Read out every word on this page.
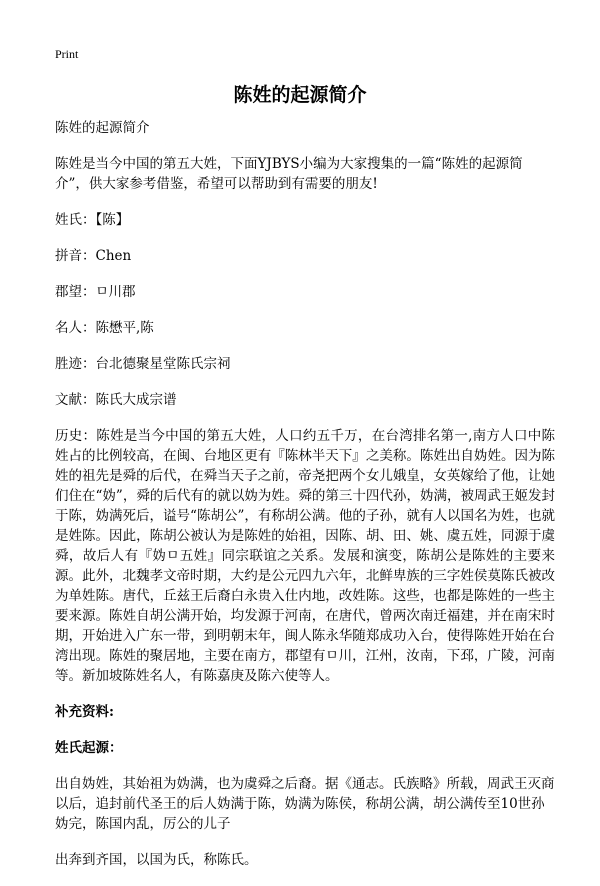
Print
陈姓的起源简介

陈姓的起源简介

陈姓是当今中国的第五大姓，下面YJBYS小编为大家搜集的一篇“陈姓的起源简介”，供大家参考借鉴，希望可以帮助到有需要的朋友!

姓氏：【陈】

拼音：Chen

郡望：ㅁ川郡

名人：陈懋平,陈

胜迹：台北德聚星堂陈氏宗祠

文献：陈氏大成宗谱

历史：陈姓是当今中国的第五大姓，人口约五千万，在台湾排名第一,南方人口中陈姓占的比例较高，在闽、台地区更有『陈林半天下』之美称。陈姓出自妫姓。因为陈姓的祖先是舜的后代，在舜当天子之前，帝尧把两个女儿娥皇，女英嫁给了他，让她们住在“妫”，舜的后代有的就以妫为姓。舜的第三十四代孙，妫满，被周武王姬发封于陈，妫满死后，谥号“陈胡公”，有称胡公满。他的子孙，就有人以国名为姓，也就是姓陈。因此，陈胡公被认为是陈姓的始祖，因陈、胡、田、姚、虞五姓，同源于虞舜，故后人有『妫ㅁ五姓』同宗联谊之关系。发展和演变，陈胡公是陈姓的主要来源。此外，北魏孝文帝时期，大约是公元四九六年，北鲜卑族的三字姓侯莫陈氏被改为单姓陈。唐代，丘兹王后裔白永贵入仕内地，改姓陈。这些，也都是陈姓的一些主要来源。陈姓自胡公满开始，均发源于河南，在唐代，曾两次南迁福建，并在南宋时期，开始进入广东一带，到明朝末年，闽人陈永华随郑成功入台，使得陈姓开始在台湾出现。陈姓的聚居地，主要在南方，郡望有ㅁ川，江州，汝南，下邳，广陵，河南等。新加坡陈姓名人，有陈嘉庚及陈六使等人。

补充资料:

姓氏起源：

出自妫姓，其始祖为妫满，也为虞舜之后裔。据《通志。氏族略》所载，周武王灭商以后，追封前代圣王的后人妫满于陈，妫满为陈侯，称胡公满，胡公满传至10世孙妫完，陈国内乱，厉公的儿子

出奔到齐国，以国为氏，称陈氏。
